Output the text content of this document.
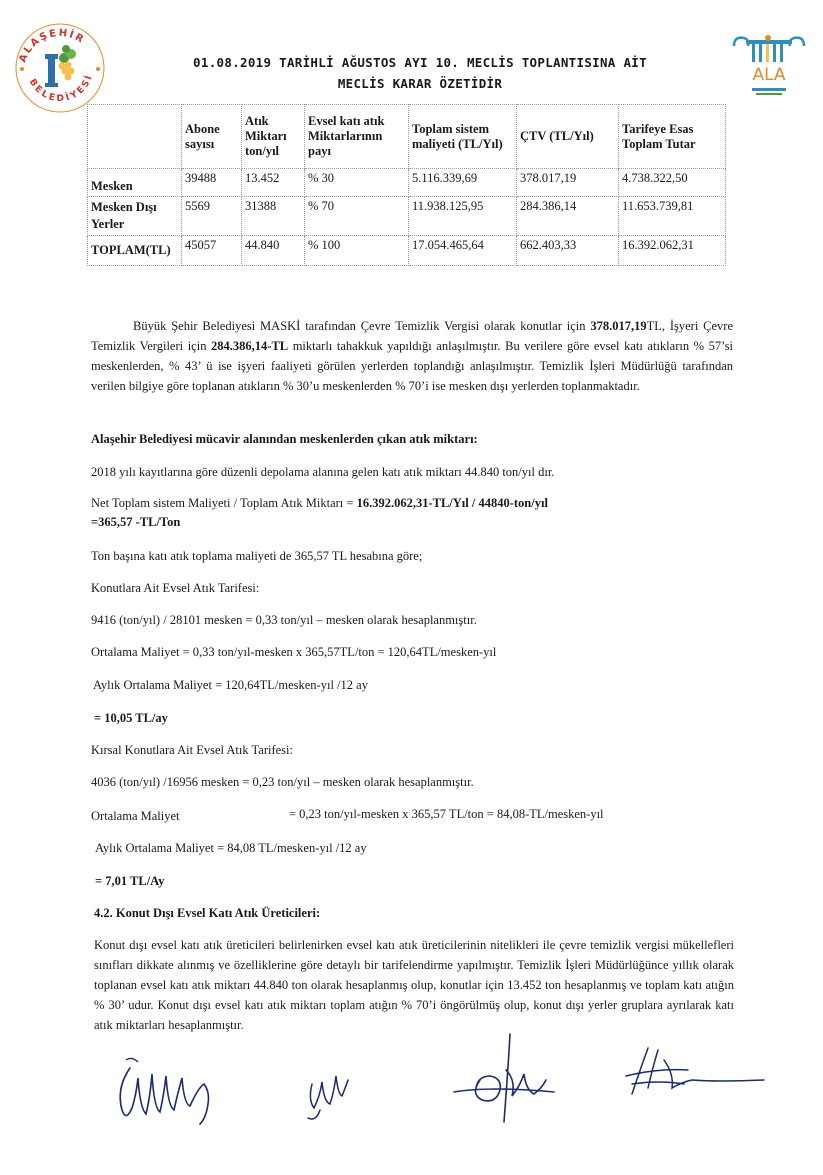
ALAŞEHİR
BELEDİYESİ	ALA
01.08.2019 TARİHLİ AĞUSTOS AYI 10. MECLİS TOPLANTISINA AİT
MECLİS KARAR ÖZETİDİR
	Abone sayısı	Atık Miktarı ton/yıl	Evsel katı atık Miktarlarının payı	Toplam sistem maliyeti (TL/Yıl)	ÇTV (TL/Yıl)	Tarifeye Esas Toplam Tutar
Mesken	39488	13.452	% 30	5.116.339,69	378.017,19	4.738.322,50
Mesken Dışı Yerler	5569	31388	% 70	11.938.125,95	284.386,14	11.653.739,81
TOPLAM(TL)	45057	44.840	% 100	17.054.465,64	662.403,33	16.392.062,31
Büyük Şehir Belediyesi MASKİ tarafından Çevre Temizlik Vergisi olarak konutlar için 378.017,19TL, İşyeri Çevre Temizlik Vergileri için 284.386,14-TL miktarlı tahakkuk yapıldığı anlaşılmıştır. Bu verilere göre evsel katı atıkların % 57’si meskenlerden, % 43’ ü ise işyeri faaliyeti görülen yerlerden toplandığı anlaşılmıştır. Temizlik İşleri Müdürlüğü tarafından verilen bilgiye göre toplanan atıkların % 30’u meskenlerden % 70’i ise mesken dışı yerlerden toplanmaktadır.
Alaşehir Belediyesi mücavir alanından meskenlerden çıkan atık miktarı:
2018 yılı kayıtlarına göre düzenli depolama alanına gelen katı atık miktarı 44.840 ton/yıl dır.
Net Toplam sistem Maliyeti / Toplam Atık Miktarı = 16.392.062,31-TL/Yıl / 44840-ton/yıl
=365,57 -TL/Ton
Ton başına katı atık toplama maliyeti de 365,57 TL hesabına göre;
Konutlara Ait Evsel Atık Tarifesi:
9416 (ton/yıl) / 28101 mesken = 0,33 ton/yıl – mesken olarak hesaplanmıştır.
Ortalama Maliyet = 0,33 ton/yıl-mesken x 365,57TL/ton = 120,64TL/mesken-yıl
Aylık Ortalama Maliyet = 120,64TL/mesken-yıl /12 ay
= 10,05 TL/ay
Kırsal Konutlara Ait Evsel Atık Tarifesi:
4036 (ton/yıl) /16956 mesken = 0,23 ton/yıl – mesken olarak hesaplanmıştır.
Ortalama Maliyet	= 0,23 ton/yıl-mesken x 365,57 TL/ton = 84,08-TL/mesken-yıl
Aylık Ortalama Maliyet = 84,08 TL/mesken-yıl /12 ay
= 7,01 TL/Ay
4.2. Konut Dışı Evsel Katı Atık Üreticileri:
Konut dışı evsel katı atık üreticileri belirlenirken evsel katı atık üreticilerinin nitelikleri ile çevre temizlik vergisi mükellefleri sınıfları dikkate alınmış ve özelliklerine göre detaylı bir tarifelendirme yapılmıştır. Temizlik İşleri Müdürlüğünce yıllık olarak toplanan evsel katı atık miktarı 44.840 ton olarak hesaplanmış olup, konutlar için 13.452 ton hesaplanmış ve toplam katı atığın % 30’ udur. Konut dışı evsel katı atık miktarı toplam atığın % 70’i öngörülmüş olup, konut dışı yerler gruplara ayrılarak katı atık miktarları hesaplanmıştır.
